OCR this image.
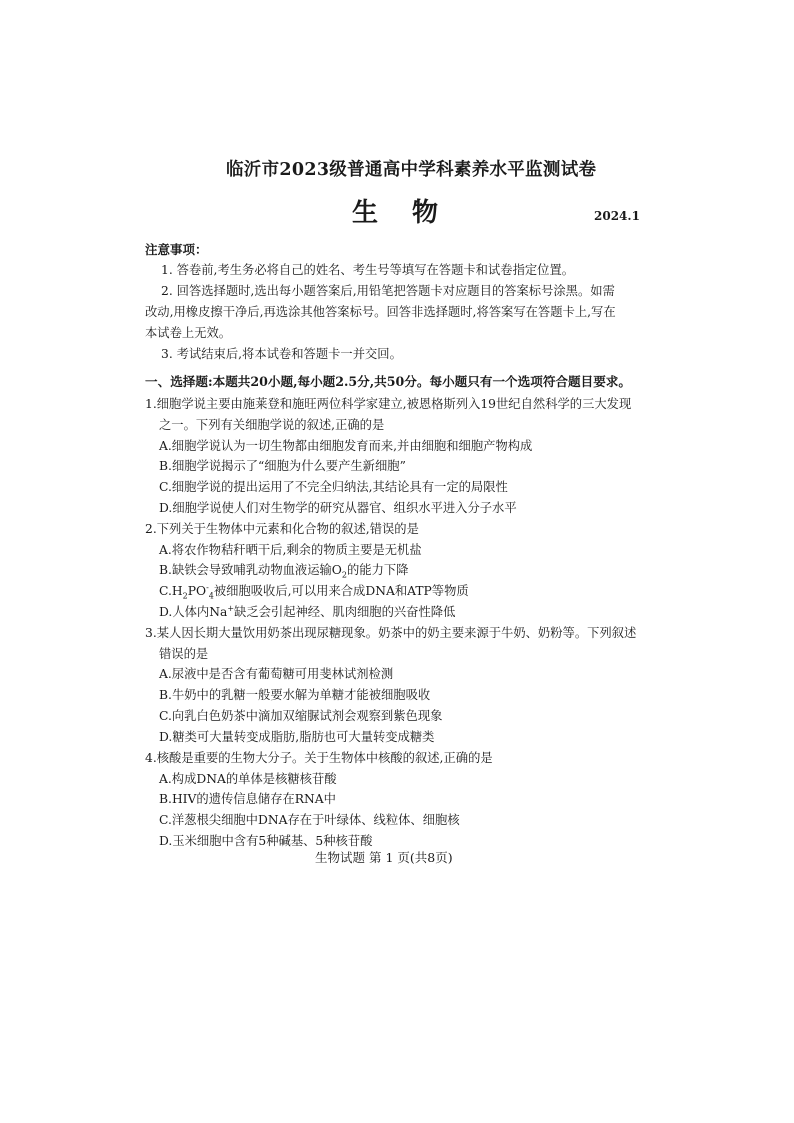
临沂市2023级普通高中学科素养水平监测试卷
生物	2024.1
注意事项：
1. 答卷前,考生务必将自己的姓名、考生号等填写在答题卡和试卷指定位置。
2. 回答选择题时,选出每小题答案后,用铅笔把答题卡对应题目的答案标号涂黑。如需
改动,用橡皮擦干净后,再选涂其他答案标号。回答非选择题时,将答案写在答题卡上,写在
本试卷上无效。
3. 考试结束后,将本试卷和答题卡一并交回。
一、选择题:本题共20小题,每小题2.5分,共50分。每小题只有一个选项符合题目要求。
1.细胞学说主要由施莱登和施旺两位科学家建立,被恩格斯列入19世纪自然科学的三大发现
之一。下列有关细胞学说的叙述,正确的是
A.细胞学说认为一切生物都由细胞发育而来,并由细胞和细胞产物构成
B.细胞学说揭示了“细胞为什么要产生新细胞”
C.细胞学说的提出运用了不完全归纳法,其结论具有一定的局限性
D.细胞学说使人们对生物学的研究从器官、组织水平进入分子水平
2.下列关于生物体中元素和化合物的叙述,错误的是
A.将农作物秸秆晒干后,剩余的物质主要是无机盐
B.缺铁会导致哺乳动物血液运输$O_2$的能力下降
$C.H_2PO^-_4$被细胞吸收后,可以用来合成DNA和ATP等物质
D.人体内Na+缺乏会引起神经、肌肉细胞的兴奋性降低
3.某人因长期大量饮用奶茶出现尿糖现象。奶茶中的奶主要来源于牛奶、奶粉等。下列叙述
错误的是
A.尿液中是否含有葡萄糖可用斐林试剂检测
B.牛奶中的乳糖一般要水解为单糖才能被细胞吸收
C.向乳白色奶茶中滴加双缩脲试剂会观察到紫色现象
D.糖类可大量转变成脂肪,脂肪也可大量转变成糖类
4.核酸是重要的生物大分子。关于生物体中核酸的叙述,正确的是
A.构成DNA的单体是核糖核苷酸
B.HIV的遗传信息储存在RNA中
C.洋葱根尖细胞中DNA存在于叶绿体、线粒体、细胞核
D.玉米细胞中含有5种碱基、5种核苷酸
生物试题 第 1 页(共8页)
